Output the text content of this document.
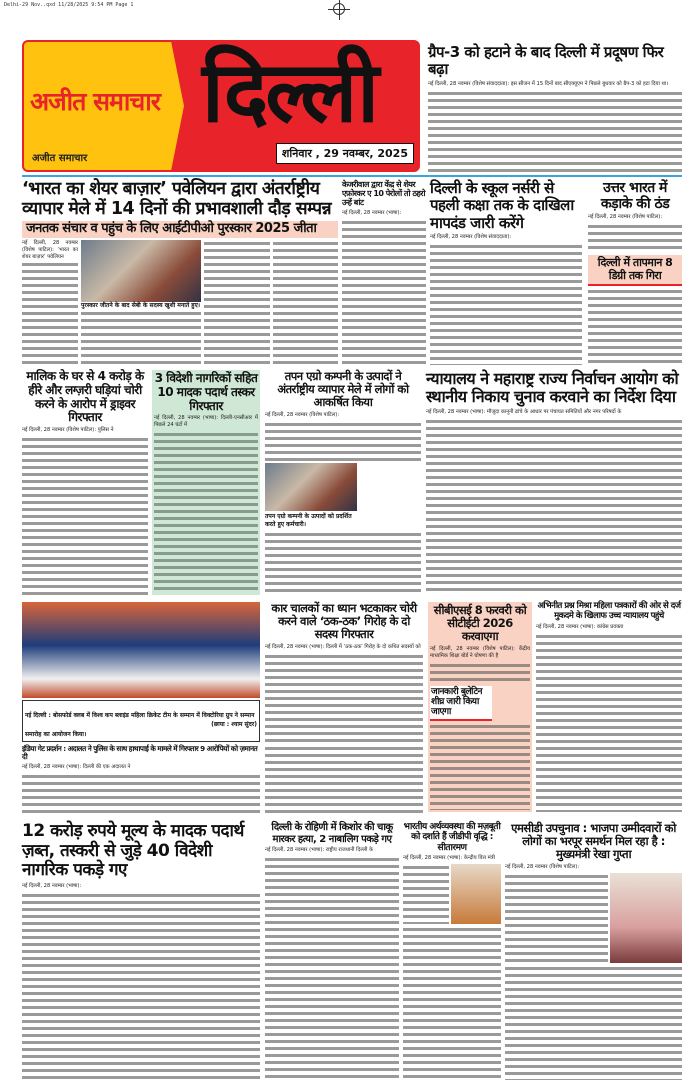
Delhi-29 Nov..qxd 11/28/2025 9:54 PM Page 1
अजीत समाचार
अजीत समाचार
दिल्ली
शनिवार , 29 नवम्बर, 2025
ग्रैप-3 को हटाने के बाद दिल्ली में प्रदूषण फिर बढ़ा
नई दिल्ली, 28 नवम्बर (विशेष संवाददाता): इस सीजन में 15 दिनों बाद सीएक्यूएम ने पिछले बुधवार को ग्रैप-3 को हटा दिया था।
‘भारत का शेयर बाज़ार’ पवेलियन द्वारा अंतर्राष्ट्रीय व्यापार मेले में 14 दिनों की प्रभावशाली दौड़ सम्पन्न
जनतक संचार व पहुंच के लिए आईटीपीओ पुरस्कार 2025 जीता
नई दिल्ली, 28 नवम्बर (विशेष पाटिल): ‘भारत का शेयर बाज़ार’ पवेलियन
पुरस्कार जीतने के बाद सेबी के सदस्य खुशी मनाते हुए।
केजरीवाल द्वारा केंद्र से शेयर एफ़ोरकर ए 10 पेरोलों तो ठहरो उन्हें बांट
नई दिल्ली, 28 नवम्बर (भाषा):
दिल्ली के स्कूल नर्सरी से पहली कक्षा तक के दाखिला मापदंड जारी करेंगे
नई दिल्ली, 28 नवम्बर (विशेष संवाददाता):
उत्तर भारत में कड़ाके की ठंड
नई दिल्ली, 28 नवम्बर (विशेष पाटिल):
दिल्ली में तापमान 8 डिग्री तक गिरा
मालिक के घर से 4 करोड़ के हीरे और लग्ज़री घड़ियां चोरी करने के आरोप में ड्राइवर गिरफ्तार
नई दिल्ली, 28 नवम्बर (विशेष पाटिल): पुलिस ने
3 विदेशी नागरिकों सहित 10 मादक पदार्थ तस्कर गिरफ्तार
नई दिल्ली, 28 नवम्बर (भाषा): दिल्ली-एनसीआर में पिछले 24 घंटों में
तपन एग्रो कम्पनी के उत्पादों ने अंतर्राष्ट्रीय व्यापार मेले में लोगों को आकर्षित किया
नई दिल्ली, 28 नवम्बर (विशेष पाटिल):
तपन एग्रो कम्पनी के उत्पादों को प्रदर्शित करते हुए कर्मचारी।
न्यायालय ने महाराष्ट्र राज्य निर्वाचन आयोग को स्थानीय निकाय चुनाव करवाने का निर्देश दिया
नई दिल्ली, 28 नवम्बर (भाषा): मौजूदा कानूनी ढांचे के आधार पर पंचायत समितियों और नगर परिषदों के
नई दिल्ली : बोसफोर्ड क्लब में विश्व कप ब्लाइंड महिला क्रिकेट टीम के सम्मान में विक्टोरिया ग्रुप ने सम्मान समारोह का आयोजन किया।
(छाया : श्याम सुंदर)
कार चालकों का ध्यान भटकाकर चोरी करने वाले ‘ठक-ठक’ गिरोह के दो सदस्य गिरफ्तार
नई दिल्ली, 28 नवम्बर (भाषा): दिल्ली में ‘ठक-ठक’ गिरोह के दो कथित सदस्यों को
सीबीएसई 8 फरवरी को सीटीईटी 2026 करवाएगा
नई दिल्ली, 28 नवम्बर (विशेष पाटिल): केंद्रीय माध्यमिक शिक्षा बोर्ड ने घोषणा की है
जानकारी बुलेटिन शीघ्र जारी किया जाएगा
अभिनीत प्रश्न मिश्रा महिला पत्रकारों की ओर से दर्ज मुकदमे के खिलाफ उच्च न्यायालय पहुंचे
नई दिल्ली, 28 नवम्बर (भाषा): कांग्रेस प्रवक्ता
इंडिया गेट प्रदर्शन : अदालत ने पुलिस के साथ हाथापाई के मामले में गिरफ्तार 9 आरोपियों को ज़मानत दी
नई दिल्ली, 28 नवम्बर (भाषा): दिल्ली की एक अदालत ने
12 करोड़ रुपये मूल्य के मादक पदार्थ ज़ब्त, तस्करी से जुड़े 40 विदेशी नागरिक पकड़े गए
नई दिल्ली, 28 नवम्बर (भाषा):
दिल्ली के रोहिणी में किशोर की चाकू मारकर हत्या, 2 नाबालिग पकड़े गए
नई दिल्ली, 28 नवम्बर (भाषा): राष्ट्रीय राजधानी दिल्ली के
भारतीय अर्थव्यवस्था की मज़बूती को दर्शाते हैं जीडीपी वृद्धि : सीतारमण
नई दिल्ली, 28 नवम्बर (भाषा): केन्द्रीय वित्त मंत्री
एमसीडी उपचुनाव : भाजपा उम्मीदवारों को लोगों का भरपूर समर्थन मिल रहा है : मुख्यमंत्री रेखा गुप्ता
नई दिल्ली, 28 नवम्बर (विशेष पाटिल):
